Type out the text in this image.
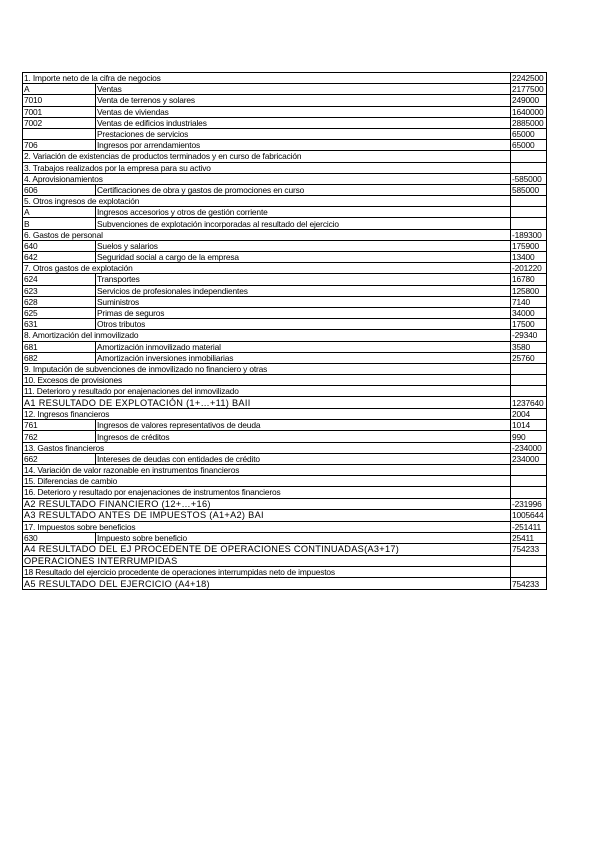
1. Importe neto de la cifra de negocios		2242500
A	Ventas	2177500
7010	Venta de terrenos y solares	249000
7001	Ventas de viviendas	1640000
7002	Ventas de edificios industriales	2885000
	Prestaciones de servicios	65000
706	Ingresos por arrendamientos	65000
2. Variación de existencias de productos terminados y en curso de fabricación		
3. Trabajos realizados por la empresa para su activo		
4. Aprovisionamientos		-585000
606	Certificaciones de obra y gastos de promociones en curso	585000
5. Otros ingresos de explotación		
A	Ingresos accesorios y otros de gestión corriente	
B	Subvenciones de explotación incorporadas al resultado del ejercicio	
6. Gastos de personal		-189300
640	Suelos y salarios	175900
642	Seguridad social a cargo de la empresa	13400
7. Otros gastos de explotación		-201220
624	Transportes	16780
623	Servicios de profesionales independientes	125800
628	Suministros	7140
625	Primas de seguros	34000
631	Otros tributos	17500
8. Amortización del inmovilizado		-29340
681	Amortización inmovilizado material	3580
682	Amortización inversiones inmobiliarias	25760
9. Imputación de subvenciones de inmovilizado no financiero y otras		
10. Excesos de provisiones		
11. Deterioro y resultado por enajenaciones del inmovilizado		
A1 RESULTADO DE EXPLOTACIÓN (1+…+11) BAII		1237640
12. Ingresos financieros		2004
761	Ingresos de valores representativos de deuda	1014
762	Ingresos de créditos	990
13. Gastos financieros		-234000
662	Intereses de deudas con entidades de crédito	234000
14. Variación de valor razonable en instrumentos financieros		
15. Diferencias de cambio		
16. Deterioro y resultado por enajenaciones de instrumentos financieros		
A2 RESULTADO FINANCIERO (12+…+16)		-231996
A3 RESULTADO ANTES DE IMPUESTOS (A1+A2) BAI		1005644
17. Impuestos sobre beneficios		-251411
630	Impuesto sobre beneficio	25411
A4 RESULTADO DEL EJ PROCEDENTE DE OPERACIONES CONTINUADAS(A3+17)		754233
OPERACIONES INTERRUMPIDAS		
18 Resultado del ejercicio procedente de operaciones interrumpidas neto de impuestos		
A5 RESULTADO DEL EJERCICIO (A4+18)		754233
